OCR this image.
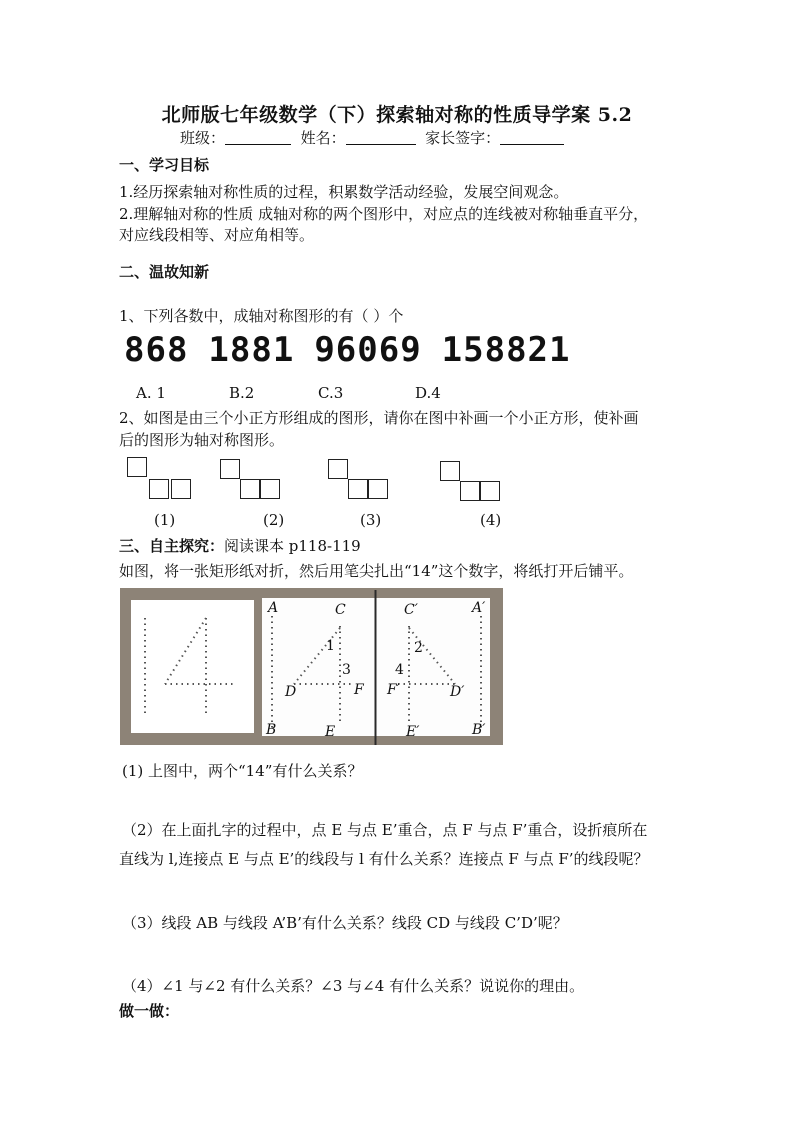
北师版七年级数学（下）探索轴对称的性质导学案 5.2
班级：	姓名：	家长签字：
一、学习目标
1.经历探索轴对称性质的过程，积累数学活动经验，发展空间观念。
2.理解轴对称的性质 成轴对称的两个图形中，对应点的连线被对称轴垂直平分，
对应线段相等、对应角相等。
二、温故知新
1、下列各数中，成轴对称图形的有（ ）个
868 1881 96069 158821
A. 1	B.2	C.3	D.4
2、如图是由三个小正方形组成的图形，请你在图中补画一个小正方形，使补画
后的图形为轴对称图形。
(1)	(2)	(3)	(4)
三、自主探究：阅读课本 p118-119
如图，将一张矩形纸对折，然后用笔尖扎出“14”这个数字，将纸打开后铺平。
A	C
1
3
D	F
B	E
C′	A′
2
4
F′	D′
E′	B′
(1) 上图中，两个“14”有什么关系？
（2）在上面扎字的过程中，点 E 与点 E’重合，点 F 与点 F’重合，设折痕所在
直线为 l,连接点 E 与点 E’的线段与 l 有什么关系？连接点 F 与点 F’的线段呢？
（3）线段 AB 与线段 A’B’有什么关系？线段 CD 与线段 C’D’呢？
（4）∠1 与∠2 有什么关系？∠3 与∠4 有什么关系？说说你的理由。
做一做：
